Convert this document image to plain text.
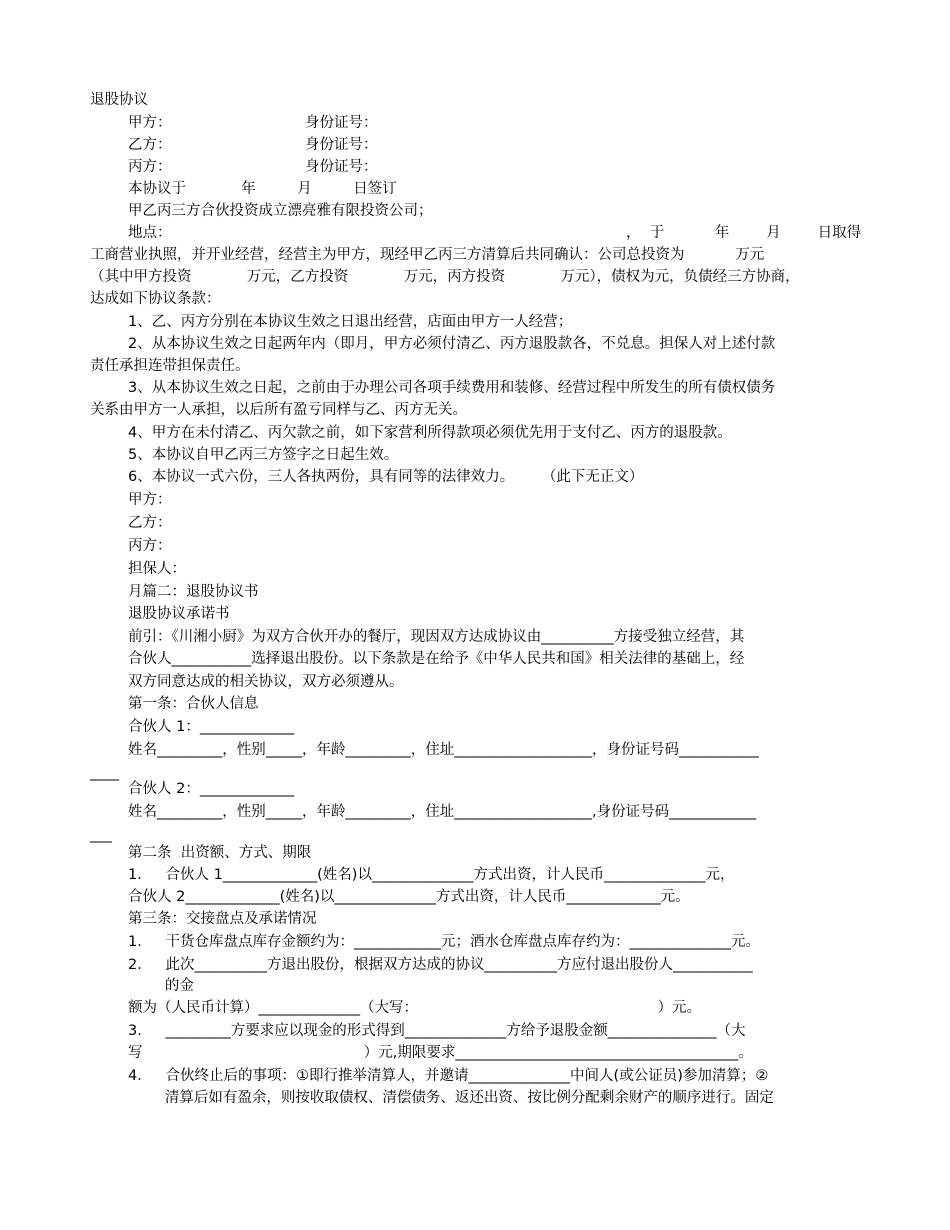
退股协议
甲方：	身份证号：
乙方：	身份证号：
丙方：	身份证号：
本协议于            年         月         日签订
甲乙丙三方合伙投资成立漂亮雅有限投资公司；
地点：	，  于           年        月        日取得
工商营业执照，并开业经营，经营主为甲方，现经甲乙丙三方清算后共同确认：公司总投资为           万元
（其中甲方投资            万元，乙方投资            万元，丙方投资            万元），债权为元，负债经三方协商，
达成如下协议条款：
1、乙、丙方分别在本协议生效之日退出经营，店面由甲方一人经营；
2、从本协议生效之日起两年内（即月，甲方必须付清乙、丙方退股款各，不兑息。担保人对上述付款
责任承担连带担保责任。
3、从本协议生效之日起，之前由于办理公司各项手续费用和装修、经营过程中所发生的所有债权债务
关系由甲方一人承担，以后所有盈亏同样与乙、丙方无关。
4、甲方在未付清乙、丙欠款之前，如下家营利所得款项必须优先用于支付乙、丙方的退股款。
5、本协议自甲乙丙三方签字之日起生效。
6、本协议一式六份，三人各执两份，具有同等的法律效力。      （此下无正文）
甲方：
乙方：
丙方：
担保人：
月篇二：退股协议书
退股协议承诺书
前引：《川湘小厨》为双方合伙开办的餐厅，现因双方达成协议由__________方接受独立经营，其
合伙人___________选择退出股份。以下条款是在给予《中华人民共和国》相关法律的基础上，经
双方同意达成的相关协议，双方必须遵从。
第一条：合伙人信息
合伙人 1：_____________
姓名_________，性别_____，年龄_________，住址___________________，身份证号码___________
____
合伙人 2：_____________
姓名_________，性别_____，年龄_________，住址___________________,身份证号码____________
___
第二条  出资额、方式、期限
1．   合伙人 1_____________(姓名)以______________方式出资，计人民币______________元，
合伙人 2_____________(姓名)以______________方式出资，计人民币_____________元。
第三条：交接盘点及承诺情况
1．   干货仓库盘点库存金额约为：____________元；酒水仓库盘点库存约为：______________元。
2．   此次__________方退出股份，根据双方达成的协议__________方应付退出股份人___________
的金
额为（人民币计算）______________（大写：                                                    ）元。
3．   _________方要求应以现金的形式得到______________方给予退股金额_______________（大
写                                                ）元,期限要求_______________________________________。
4．   合伙终止后的事项：①即行推举清算人，并邀请______________中间人(或公证员)参加清算；②
清算后如有盈余，则按收取债权、清偿债务、返还出资、按比例分配剩余财产的顺序进行。固定
